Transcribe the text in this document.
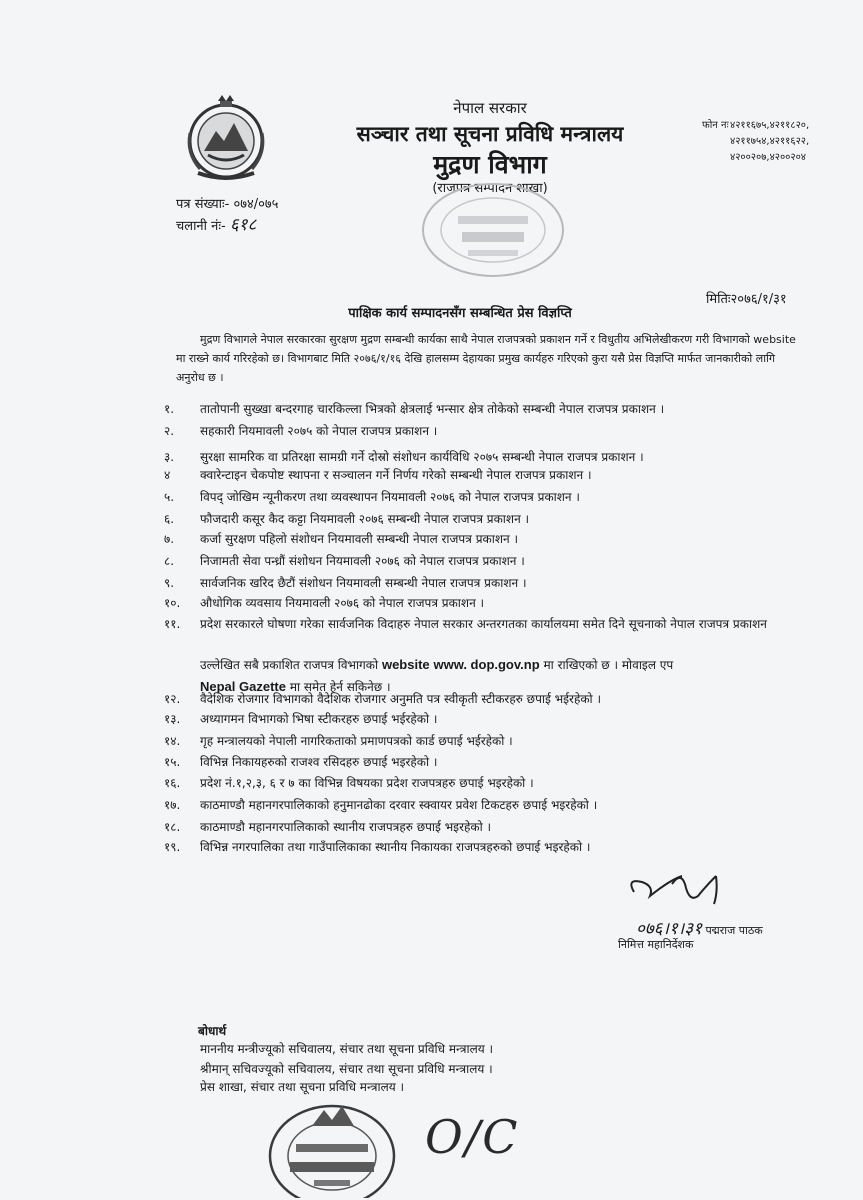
नेपाल सरकार
सञ्चार तथा सूचना प्रविधि मन्त्रालय
मुद्रण विभाग
(राजपत्र सम्पादन शाखा)
फोन नः ४२११६७५,४२११८२०,
४२११७५४,४२११६२२,
४२००२०७,४२००२०४
पत्र संख्याः- ०७४/०७५
चलानी नंः- ६१८
मितिः२०७६/१/३१
पाक्षिक कार्य सम्पादनसँग सम्बन्धित प्रेस विज्ञप्ति
मुद्रण विभागले नेपाल सरकारका सुरक्षण मुद्रण सम्बन्धी कार्यका साथै नेपाल राजपत्रको प्रकाशन गर्ने र विधुतीय अभिलेखीकरण गरी विभागको website मा राख्ने कार्य गरिरहेको छ। विभागबाट मिति २०७६/१/१६ देखि हालसम्म देहायका प्रमुख कार्यहरु गरिएको कुरा यसै प्रेस विज्ञप्ति मार्फत जानकारीको लागि अनुरोध छ ।
१.	तातोपानी सुख्खा बन्दरगाह चारकिल्ला भित्रको क्षेत्रलाई भन्सार क्षेत्र तोकेको सम्बन्धी नेपाल राजपत्र प्रकाशन ।
२.	सहकारी नियमावली २०७५ को नेपाल राजपत्र प्रकाशन ।
३.	सुरक्षा सामरिक वा प्रतिरक्षा सामग्री गर्ने दोस्रो संशोधन कार्यविधि २०७५ सम्बन्धी नेपाल राजपत्र प्रकाशन ।
४	क्वारेन्टाइन चेकपोष्ट स्थापना र सञ्चालन गर्ने निर्णय गरेको सम्बन्धी नेपाल राजपत्र प्रकाशन ।
५.	विपद् जोखिम न्यूनीकरण तथा व्यवस्थापन नियमावली २०७६ को नेपाल राजपत्र प्रकाशन ।
६.	फौजदारी कसूर कैद कट्टा नियमावली २०७६ सम्बन्धी नेपाल राजपत्र प्रकाशन ।
७.	कर्जा सुरक्षण पहिलो संशोधन नियमावली सम्बन्धी नेपाल राजपत्र प्रकाशन ।
८.	निजामती सेवा पन्ध्रौं संशोधन नियमावली २०७६ को नेपाल राजपत्र प्रकाशन ।
९.	सार्वजनिक खरिद छैटौं संशोधन नियमावली सम्बन्धी नेपाल राजपत्र प्रकाशन ।
१०.	औधोगिक व्यवसाय नियमावली २०७६ को नेपाल राजपत्र प्रकाशन ।
११.	प्रदेश सरकारले घोषणा गरेका सार्वजनिक विदाहरु नेपाल सरकार अन्तरगतका कार्यालयमा समेत दिने सूचनाको नेपाल राजपत्र प्रकाशन
१२.	वैदेशिक रोजगार विभागको वैदेशिक रोजगार अनुमति पत्र स्वीकृती स्टीकरहरु छपाई भईरहेको ।
१३.	अध्यागमन विभागको भिषा स्टीकरहरु छपाई भईरहेको ।
१४.	गृह मन्त्रालयको नेपाली नागरिकताको प्रमाणपत्रको कार्ड छपाई भईरहेको ।
१५.	विभिन्न निकायहरुको राजश्व रसिदहरु छपाई भइरहेको ।
१६.	प्रदेश नं.१,२,३, ६ र ७ का विभिन्न विषयका प्रदेश राजपत्रहरु छपाई भइरहेको ।
१७.	काठमाण्डौ महानगरपालिकाको हनुमानढोका दरवार स्क्वायर प्रवेश टिकटहरु छपाई भइरहेको ।
१८.	काठमाण्डौ महानगरपालिकाको स्थानीय राजपत्रहरु छपाई भइरहेको ।
१९.	विभिन्न नगरपालिका तथा गाउँपालिकाका स्थानीय निकायका राजपत्रहरुको छपाई भइरहेको ।
उल्लेखित सबै प्रकाशित राजपत्र विभागको website www. dop.gov.np मा राखिएको छ । मोवाइल एप
Nepal Gazette मा समेत हेर्न सकिनेछ ।
०७६।१।३१ पद्मराज पाठक
निमित्त महानिर्देशक
बोधार्थ
माननीय मन्त्रीज्यूको सचिवालय, संचार तथा सूचना प्रविधि मन्त्रालय ।
श्रीमान् सचिवज्यूको सचिवालय, संचार तथा सूचना प्रविधि मन्त्रालय ।
प्रेस शाखा, संचार तथा सूचना प्रविधि मन्त्रालय ।
O/C
